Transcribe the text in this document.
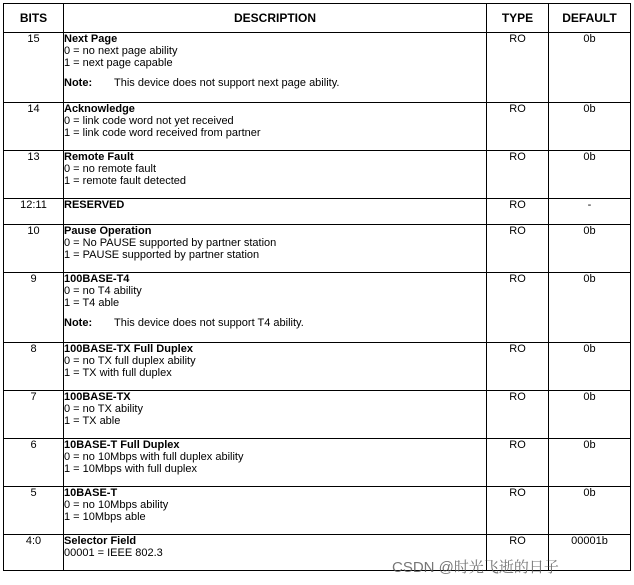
BITS	DESCRIPTION	TYPE	DEFAULT
15	Next Page
0 = no next page ability
1 = next page capable
Note: This device does not support next page ability.	RO	0b
14	Acknowledge
0 = link code word not yet received
1 = link code word received from partner	RO	0b
13	Remote Fault
0 = no remote fault
1 = remote fault detected	RO	0b
12:11	RESERVED	RO	-
10	Pause Operation
0 = No PAUSE supported by partner station
1 = PAUSE supported by partner station	RO	0b
9	100BASE-T4
0 = no T4 ability
1 = T4 able
Note: This device does not support T4 ability.	RO	0b
8	100BASE-TX Full Duplex
0 = no TX full duplex ability
1 = TX with full duplex	RO	0b
7	100BASE-TX
0 = no TX ability
1 = TX able	RO	0b
6	10BASE-T Full Duplex
0 = no 10Mbps with full duplex ability
1 = 10Mbps with full duplex	RO	0b
5	10BASE-T
0 = no 10Mbps ability
1 = 10Mbps able	RO	0b
4:0	Selector Field
00001 = IEEE 802.3	RO	00001b
CSDN @时光飞逝的日子
